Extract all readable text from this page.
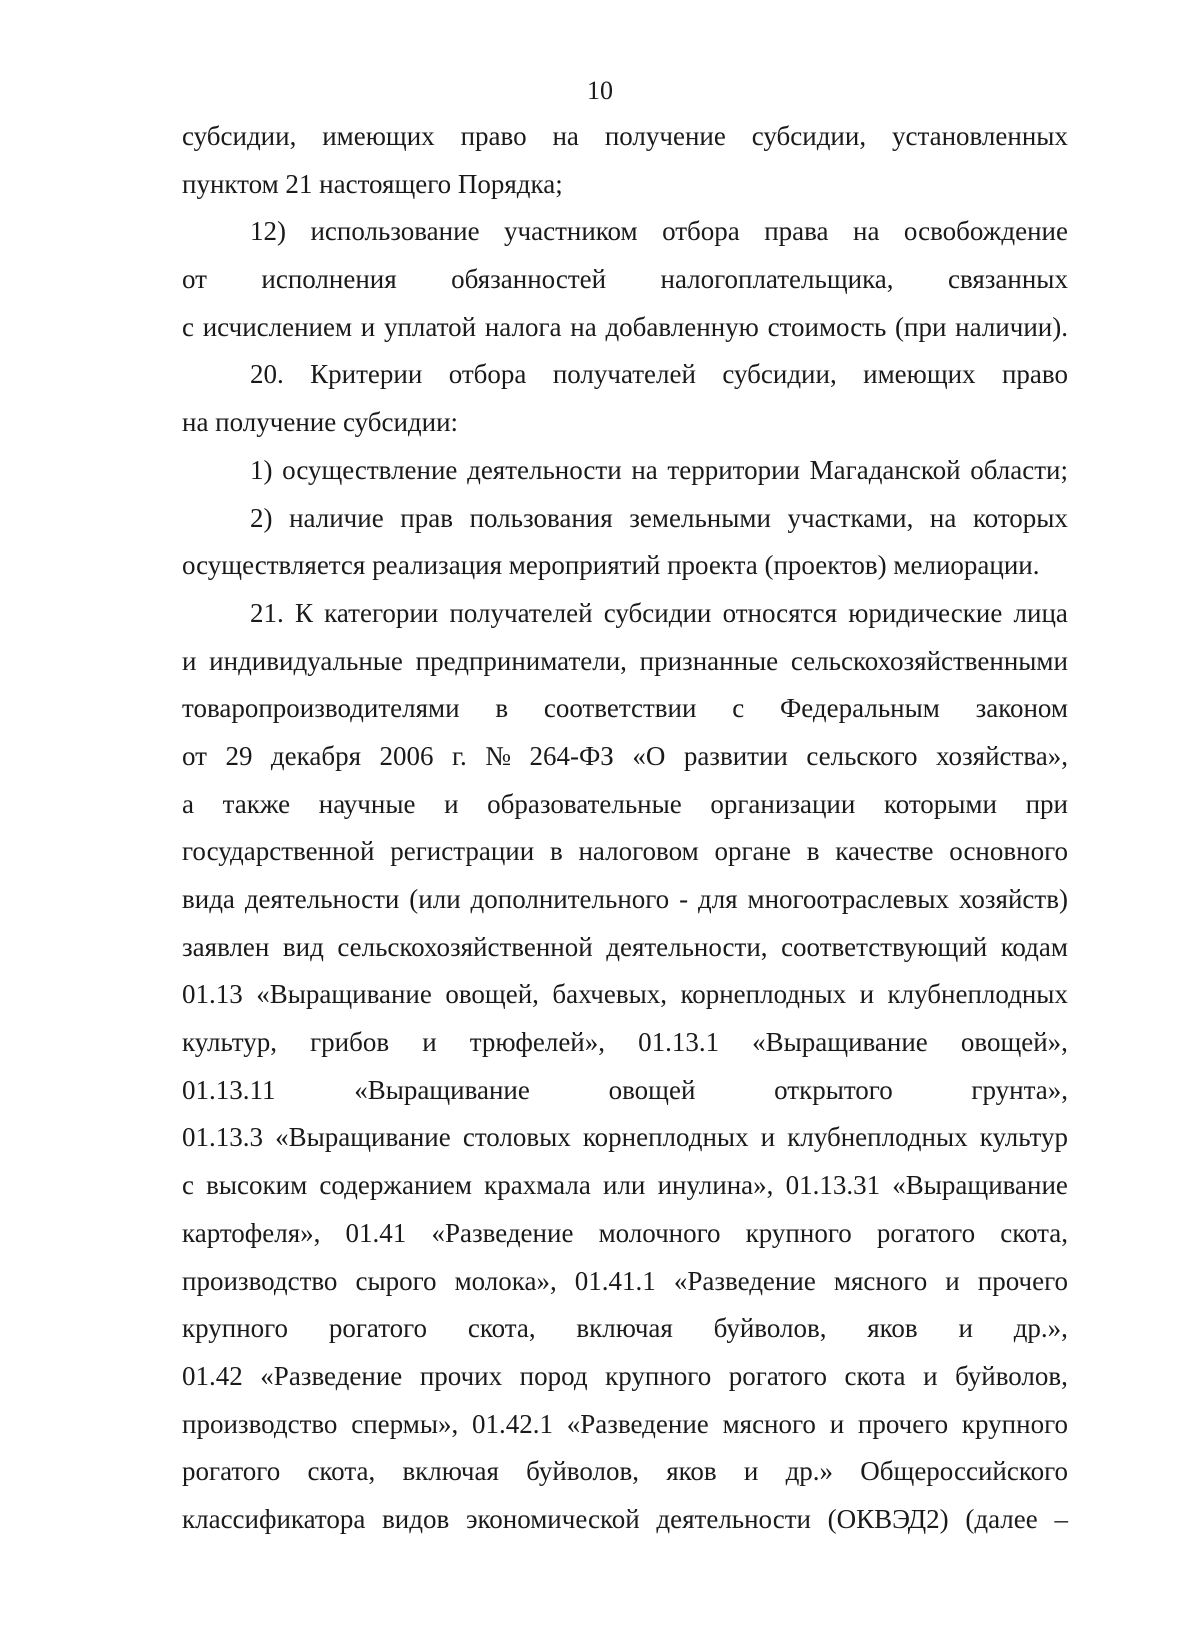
10
субсидии, имеющих право на получение субсидии, установленных
пунктом 21 настоящего Порядка;
12) использование участником отбора права на освобождение
от исполнения обязанностей налогоплательщика, связанных
с исчислением и уплатой налога на добавленную стоимость (при наличии).
20. Критерии отбора получателей субсидии, имеющих право
на получение субсидии:
1) осуществление деятельности на территории Магаданской области;
2) наличие прав пользования земельными участками, на которых
осуществляется реализация мероприятий проекта (проектов) мелиорации.
21. К категории получателей субсидии относятся юридические лица
и индивидуальные предприниматели, признанные сельскохозяйственными
товаропроизводителями в соответствии с Федеральным законом
от 29 декабря 2006 г. № 264-ФЗ «О развитии сельского хозяйства»,
а также научные и образовательные организации которыми при
государственной регистрации в налоговом органе в качестве основного
вида деятельности (или дополнительного - для многоотраслевых хозяйств)
заявлен вид сельскохозяйственной деятельности, соответствующий кодам
01.13 «Выращивание овощей, бахчевых, корнеплодных и клубнеплодных
культур, грибов и трюфелей», 01.13.1 «Выращивание овощей»,
01.13.11	«Выращивание	овощей	открытого	грунта»,
01.13.3 «Выращивание столовых корнеплодных и клубнеплодных культур
с высоким содержанием крахмала или инулина», 01.13.31 «Выращивание
картофеля», 01.41 «Разведение молочного крупного рогатого скота,
производство сырого молока», 01.41.1 «Разведение мясного и прочего
крупного рогатого скота, включая буйволов, яков и др.»,
01.42 «Разведение прочих пород крупного рогатого скота и буйволов,
производство спермы», 01.42.1 «Разведение мясного и прочего крупного
рогатого скота, включая буйволов, яков и др.» Общероссийского
классификатора видов экономической деятельности (ОКВЭД2) (далее –
